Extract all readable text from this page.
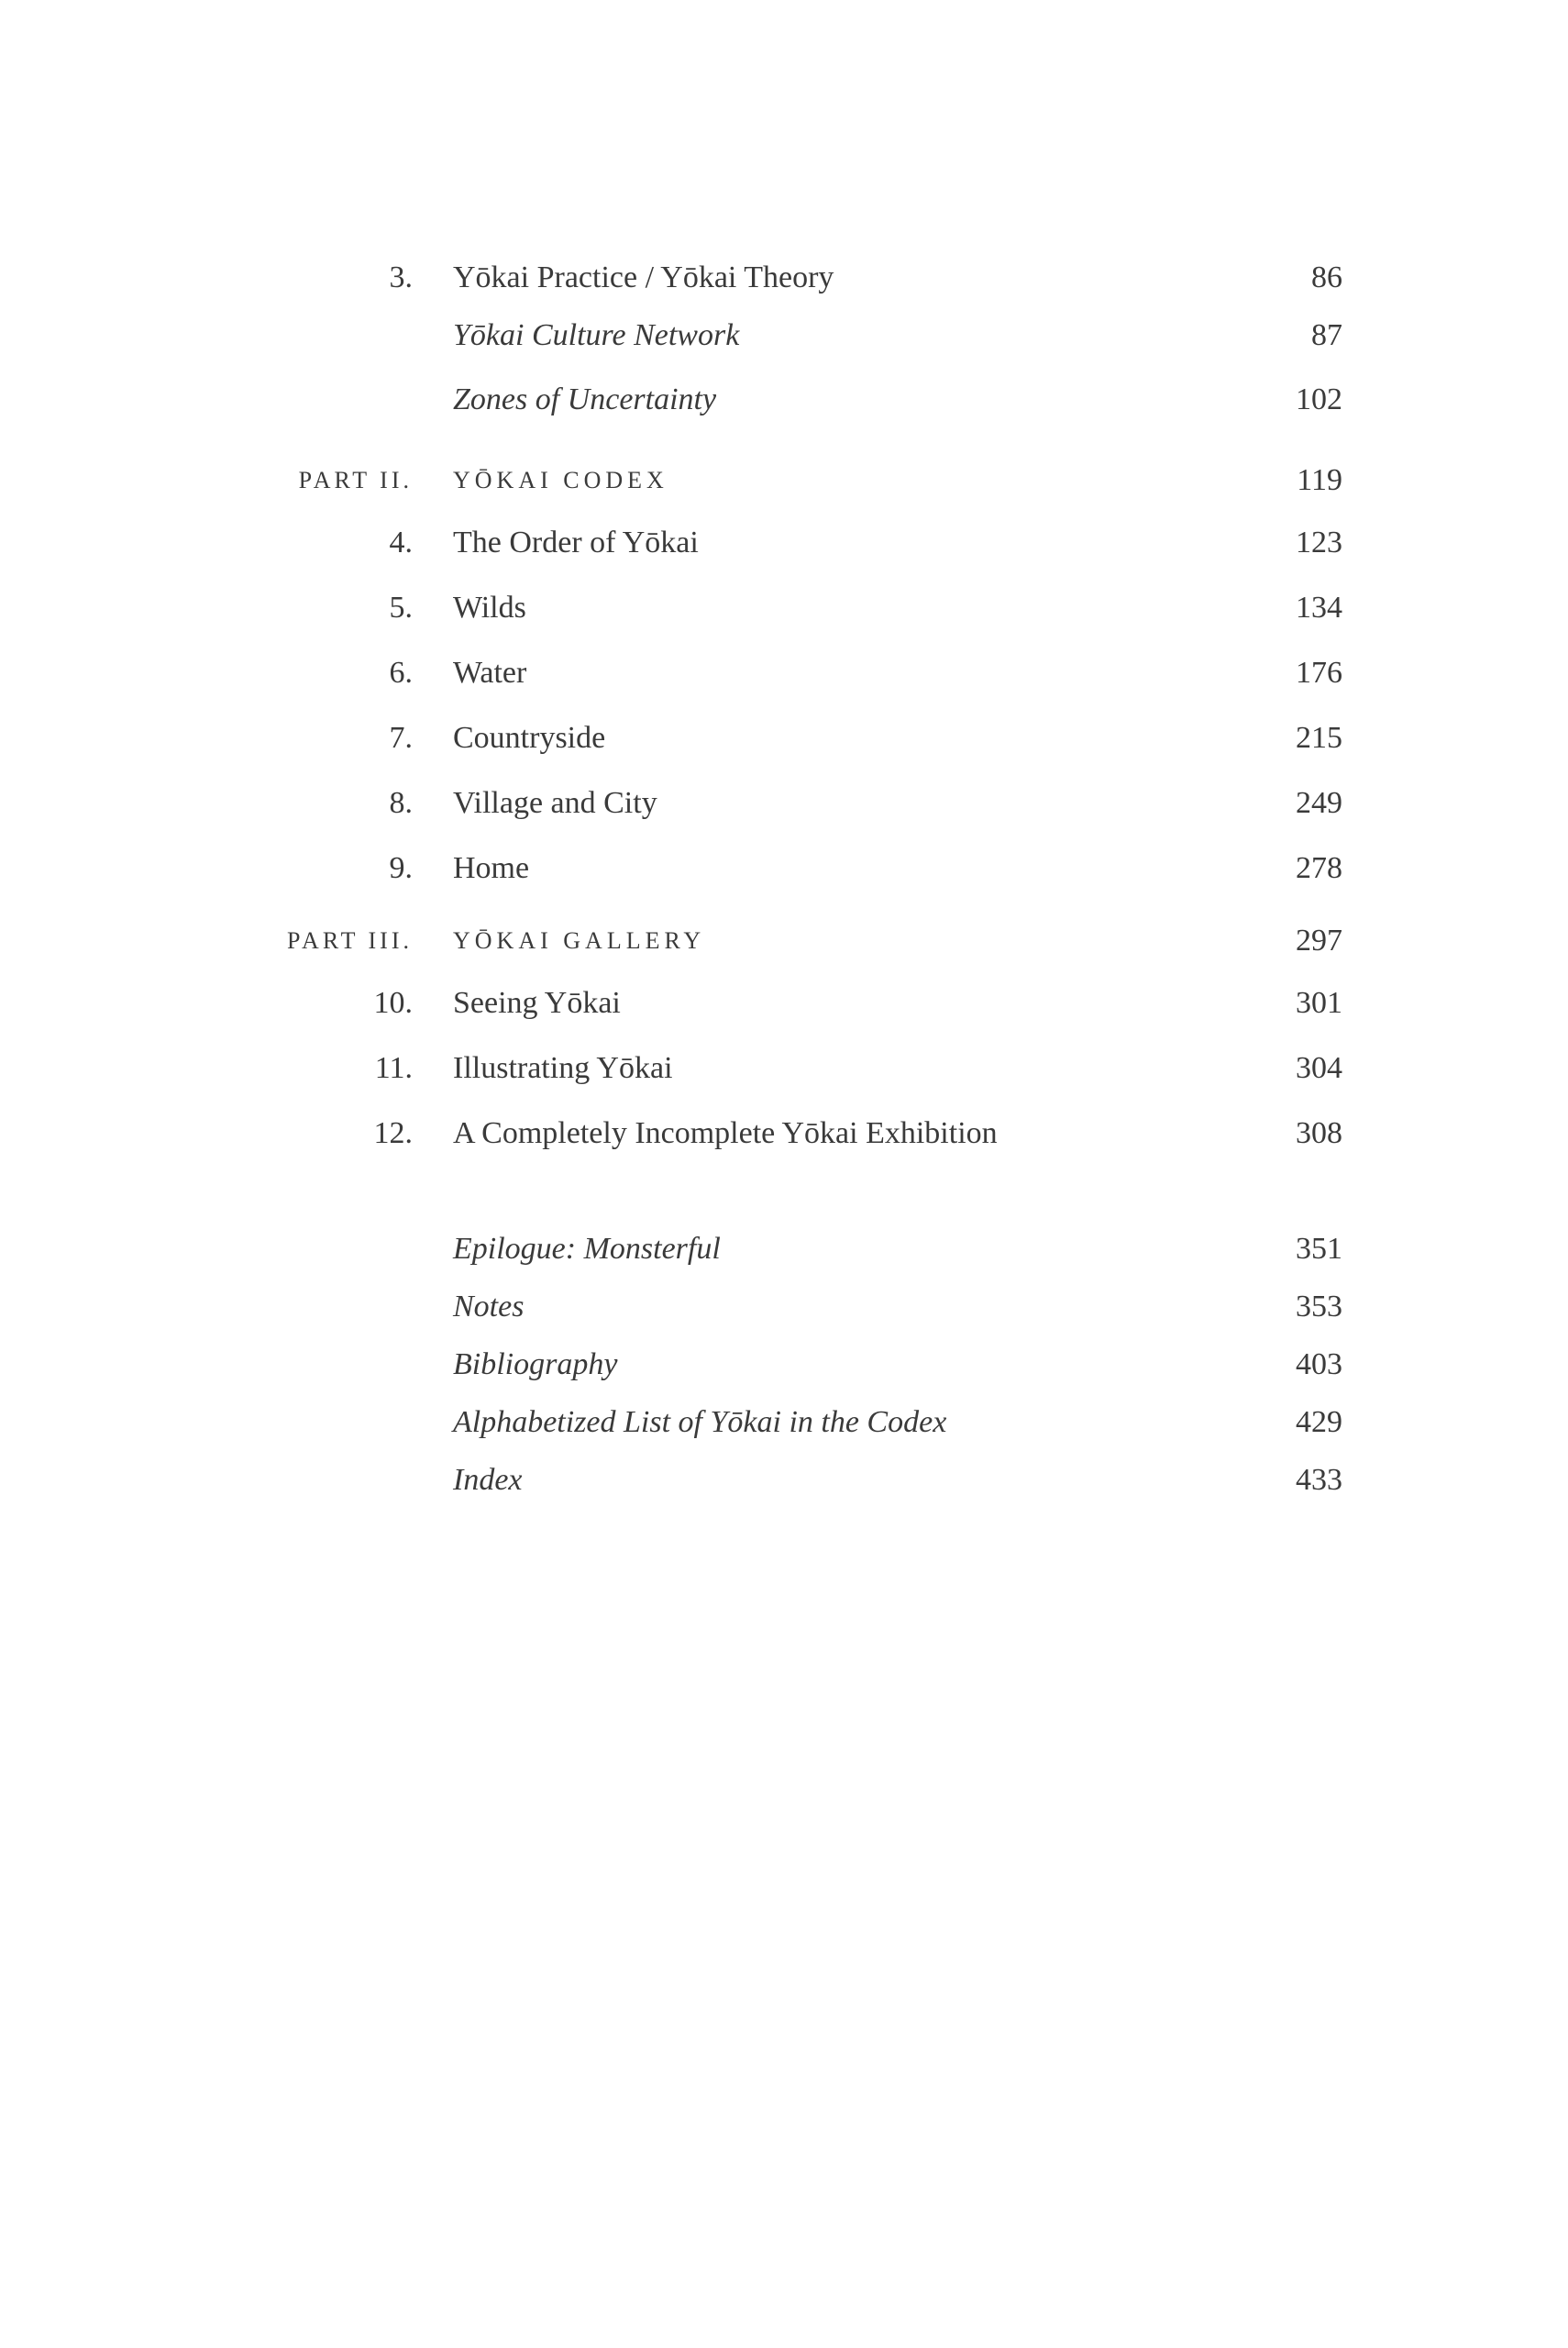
3. Yōkai Practice / Yōkai Theory	86
Yōkai Culture Network	87
Zones of Uncertainty	102
PART II. YŌKAI CODEX	119
4. The Order of Yōkai	123
5. Wilds	134
6. Water	176
7. Countryside	215
8. Village and City	249
9. Home	278
PART III. YŌKAI GALLERY	297
10. Seeing Yōkai	301
11. Illustrating Yōkai	304
12. A Completely Incomplete Yōkai Exhibition	308
Epilogue: Monsterful	351
Notes	353
Bibliography	403
Alphabetized List of Yōkai in the Codex	429
Index	433
